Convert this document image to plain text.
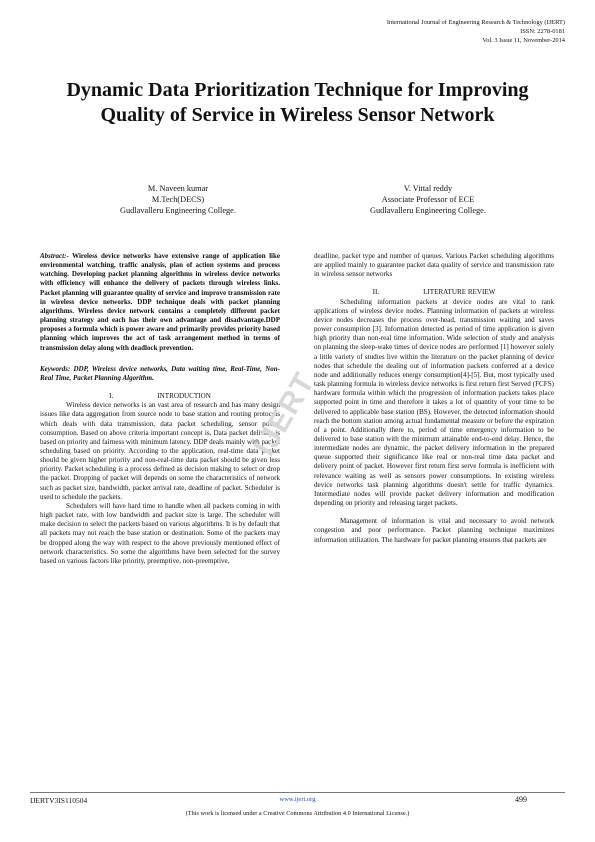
International Journal of Engineering Research & Technology (IJERT)
ISSN: 2278-0181
Vol. 3 Issue 11, November-2014
Dynamic Data Prioritization Technique for Improving Quality of Service in Wireless Sensor Network
M. Naveen kumar
M.Tech(DECS)
Gudlavalleru Engineering College.
V. Vittal reddy
Associate Professor of ECE
Gudlavalleru Engineering College.

Abstract:- Wireless device networks have extensive range of application like environmental watching, traffic analysis, plan of action systems and process watching. Developing packet planning algorithms in wireless device networks with efficiency will enhance the delivery of packets through wireless links. Packet planning will guarantee quality of service and improve transmission rate in wireless device networks. DDP technique deals with packet planning algorithms. Wireless device network contains a completely different packet planning strategy and each has their own advantage and disadvantage.DDP proposes a formula which is power aware and primarily provides priority based planning which improves the act of task arrangement method in terms of transmission delay along with deadlock prevention.

Keywords: DDP, Wireless device networks, Data waiting time, Real-Time, Non-Real Time, Packet Planning Algorithm.

I.	INTRODUCTION

Wireless device networks is an vast area of research and has many design issues like data aggregation from source node to base station and routing protocols which deals with data transmission, data packet scheduling, sensor power consumption. Based on above criteria important concept is, Data packet delivery is based on priority and fairness with minimum latency. DDP deals mainly with packet scheduling based on priority. According to the application, real-time data packet should be given higher priority and non-real-time data packet should be given less priority. Packet scheduling is a process defined as decision making to select or drop the packet. Dropping of packet will depends on some the characteristics of network such as packet size, bandwidth, packet arrival rate, deadline of packet. Scheduler is used to schedule the packets.

Schedulers will have hard time to handle when all packets coming in with high packet rate, with low bandwidth and packet size is large. The scheduler will make decision to select the packets based on various algorithms. It is by default that all packets may not reach the base station or destination. Some of the packets may be dropped along the way with respect to the above previously mentioned effect of network characteristics. So some the algorithms have been selected for the survey based on various factors like priority, preemptive, non-preemptive,

deadline, packet type and number of queues. Various Packet scheduling algorithms are applied mainly to guarantee packet data quality of service and transmission rate in wireless sensor networks

II.	LITERATURE REVIEW

Scheduling information packets at device nodes are vital to rank applications of wireless device nodes. Planning information of packets at wireless device nodes decreases the process over-head, transmission waiting and saves power consumption [3]. Information detected as period of time application is given high priority than non-real time information. Wide selection of study and analysis on planning the sleep-wake times of device nodes are performed [1] however solely a little variety of studies live within the literature on the packet planning of device nodes that schedule the dealing out of information packets conferred at a device node and additionally reduces energy consumption[4]-[5]. But, most typically used task planning formula in wireless device networks is first return first Served (FCFS) hardware formula within which the progression of information packets takes place supported point in time and therefore it takes a lot of quantity of your time to be delivered to applicable base station (BS). However, the detected information should reach the bottom station among actual fundamental measure or before the expiration of a point. Additionally there to, period of time emergency information to be delivered to base station with the minimum attainable end-to-end delay. Hence, the intermediate nodes are dynamic, the packet delivery information in the prepared queue supported their significance like real or non-real time data packet and delivery point of packet. However first return first serve formula is inefficient with relevance waiting as well as sensors power consumptions. In existing wireless device networks task planning algorithms doesn't settle for traffic dynamics. Intermediate nodes will provide packet delivery information and modification depending on priority and releasing target packets.

Management of information is vital and necessary to avoid network congestion and poor performance. Packet planning technique maximizes information utilization. The hardware for packet planning ensures that packets are

IJERT
IJERTV3IS110504	www.ijert.org	499
(This work is licensed under a Creative Commons Attribution 4.0 International License.)
